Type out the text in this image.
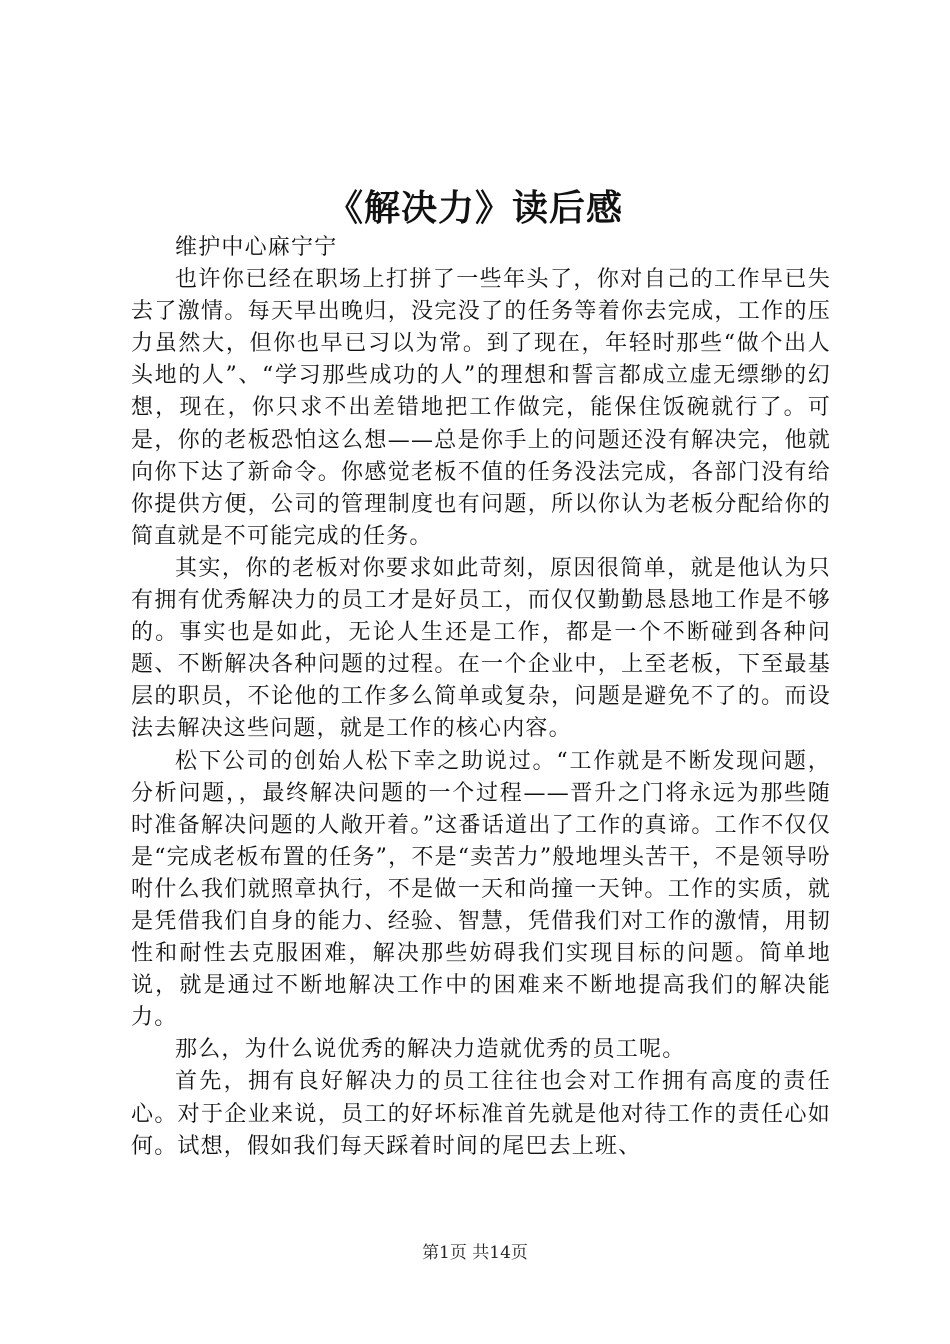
《解决力》读后感

维护中心麻宁宁

也许你已经在职场上打拼了一些年头了，你对自己的工作早已失去了激情。每天早出晚归，没完没了的任务等着你去完成，工作的压力虽然大，但你也早已习以为常。到了现在，年轻时那些“做个出人头地的人”、“学习那些成功的人”的理想和誓言都成立虚无缥缈的幻想，现在，你只求不出差错地把工作做完，能保住饭碗就行了。可是，你的老板恐怕这么想——总是你手上的问题还没有解决完，他就向你下达了新命令。你感觉老板不值的任务没法完成，各部门没有给你提供方便，公司的管理制度也有问题，所以你认为老板分配给你的简直就是不可能完成的任务。

其实，你的老板对你要求如此苛刻，原因很简单，就是他认为只有拥有优秀解决力的员工才是好员工，而仅仅勤勤恳恳地工作是不够的。事实也是如此，无论人生还是工作，都是一个不断碰到各种问题、不断解决各种问题的过程。在一个企业中，上至老板，下至最基层的职员，不论他的工作多么简单或复杂，问题是避免不了的。而设法去解决这些问题，就是工作的核心内容。

松下公司的创始人松下幸之助说过。“工作就是不断发现问题，分析问题，，最终解决问题的一个过程——晋升之门将永远为那些随时准备解决问题的人敞开着。”这番话道出了工作的真谛。工作不仅仅是“完成老板布置的任务”，不是“卖苦力”般地埋头苦干，不是领导吩咐什么我们就照章执行，不是做一天和尚撞一天钟。工作的实质，就是凭借我们自身的能力、经验、智慧，凭借我们对工作的激情，用韧性和耐性去克服困难，解决那些妨碍我们实现目标的问题。简单地说，就是通过不断地解决工作中的困难来不断地提高我们的解决能力。

那么，为什么说优秀的解决力造就优秀的员工呢。

首先，拥有良好解决力的员工往往也会对工作拥有高度的责任心。对于企业来说，员工的好坏标准首先就是他对待工作的责任心如何。试想，假如我们每天踩着时间的尾巴去上班、

第1页 共14页
